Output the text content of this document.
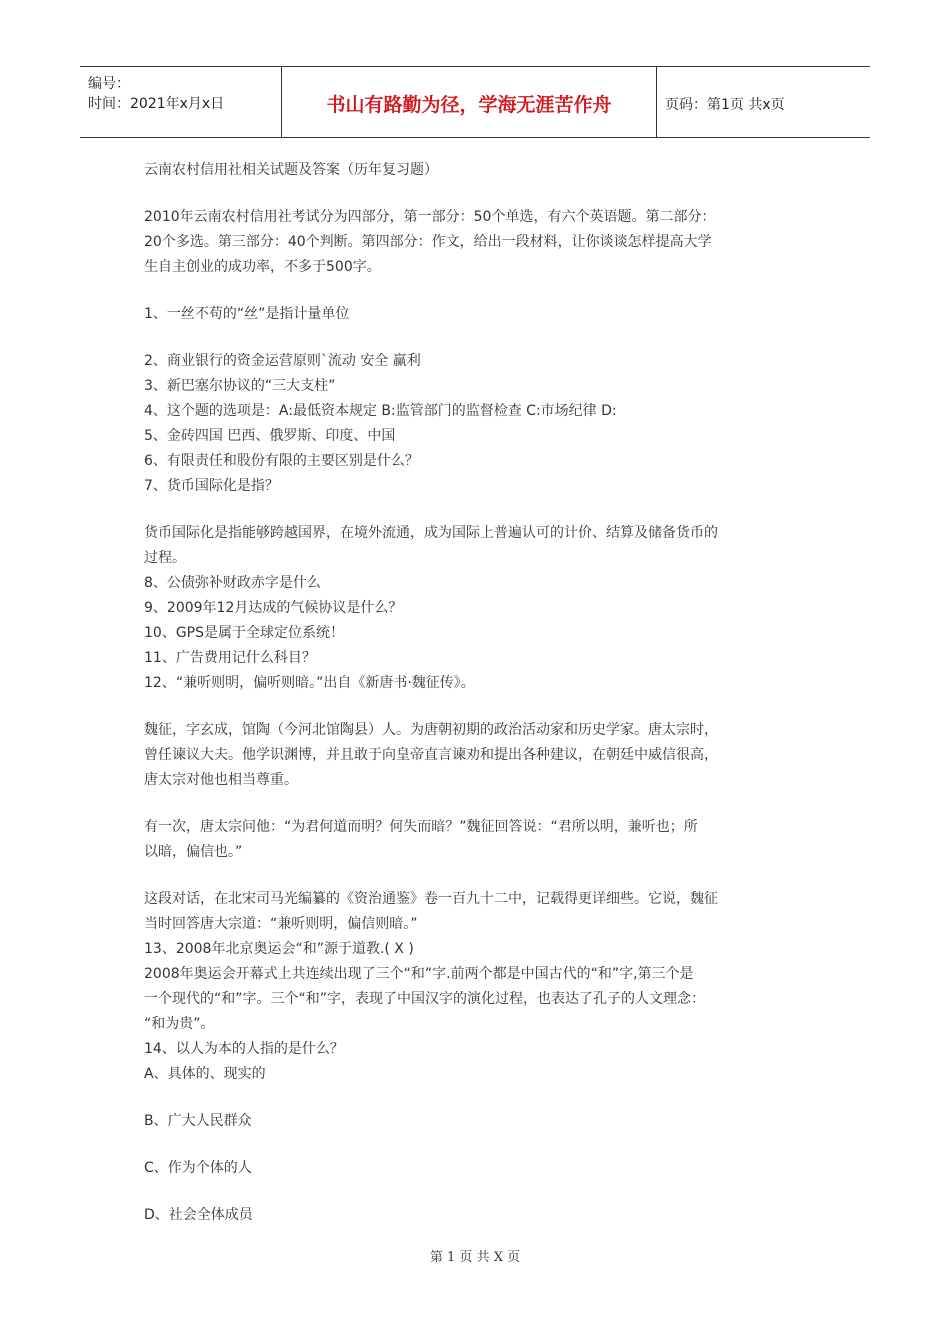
编号：
时间：2021年x月x日	书山有路勤为径，学海无涯苦作舟	页码：第1页 共x页

云南农村信用社相关试题及答案（历年复习题）

2010年云南农村信用社考试分为四部分，第一部分：50个单选，有六个英语题。第二部分：

20个多选。第三部分：40个判断。第四部分：作文，给出一段材料，让你谈谈怎样提高大学

生自主创业的成功率，不多于500字。

1、一丝不苟的“丝”是指计量单位

2、商业银行的资金运营原则`流动 安全 赢利

3、新巴塞尔协议的“三大支柱”

4、这个题的选项是：A:最低资本规定 B:监管部门的监督检查 C:市场纪律 D:

5、金砖四国 巴西、俄罗斯、印度、中国

6、有限责任和股份有限的主要区别是什么？

7、货币国际化是指？

货币国际化是指能够跨越国界，在境外流通，成为国际上普遍认可的计价、结算及储备货币的

过程。

8、公债弥补财政赤字是什么

9、2009年12月达成的气候协议是什么？

10、GPS是属于全球定位系统！

11、广告费用记什么科目？

12、“兼听则明，偏听则暗。”出自《新唐书·魏征传》。

魏征，字玄成，馆陶（今河北馆陶县）人。为唐朝初期的政治活动家和历史学家。唐太宗时，

曾任谏议大夫。他学识渊博，并且敢于向皇帝直言谏劝和提出各种建议，在朝廷中威信很高，

唐太宗对他也相当尊重。

有一次，唐太宗问他：“为君何道而明？何失而暗？”魏征回答说：“君所以明，兼听也；所

以暗，偏信也。”

这段对话，在北宋司马光编纂的《资治通鉴》卷一百九十二中，记载得更详细些。它说，魏征

当时回答唐大宗道：“兼听则明，偏信则暗。”

13、2008年北京奥运会“和”源于道教.( X )

2008年奥运会开幕式上共连续出现了三个“和”字.前两个都是中国古代的“和”字,第三个是

一个现代的“和”字。三个“和”字，表现了中国汉字的演化过程，也表达了孔子的人文理念：

“和为贵”。

14、以人为本的人指的是什么？

A、具体的、现实的

B、广大人民群众

C、作为个体的人

D、社会全体成员

第 1 页 共 X 页
